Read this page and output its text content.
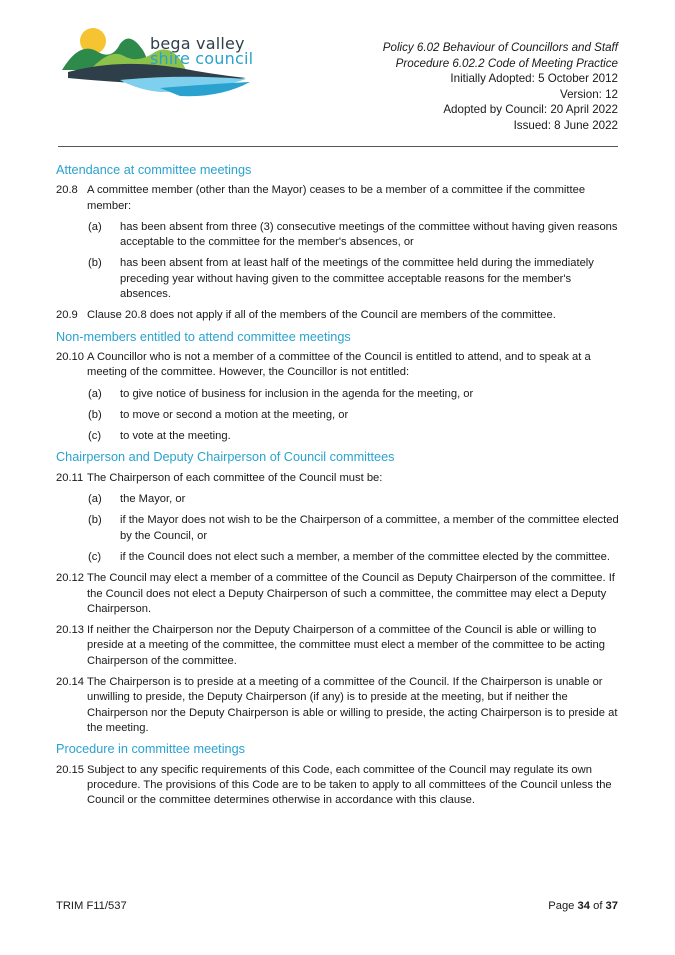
bega valley
shire council
Policy 6.02 Behaviour of Councillors and Staff
Procedure 6.02.2 Code of Meeting Practice
Initially Adopted: 5 October 2012
Version: 12
Adopted by Council: 20 April 2022
Issued: 8 June 2022
Attendance at committee meetings
20.8 A committee member (other than the Mayor) ceases to be a member of a committee if the committee member:
(a)	has been absent from three (3) consecutive meetings of the committee without having given reasons acceptable to the committee for the member's absences, or
(b)	has been absent from at least half of the meetings of the committee held during the immediately preceding year without having given to the committee acceptable reasons for the member's absences.
20.9 Clause 20.8 does not apply if all of the members of the Council are members of the committee.
Non-members entitled to attend committee meetings
20.10 A Councillor who is not a member of a committee of the Council is entitled to attend, and to speak at a meeting of the committee. However, the Councillor is not entitled:
(a)	to give notice of business for inclusion in the agenda for the meeting, or
(b)	to move or second a motion at the meeting, or
(c)	to vote at the meeting.
Chairperson and Deputy Chairperson of Council committees
20.11 The Chairperson of each committee of the Council must be:
(a)	the Mayor, or
(b)	if the Mayor does not wish to be the Chairperson of a committee, a member of the committee elected by the Council, or
(c)	if the Council does not elect such a member, a member of the committee elected by the committee.
20.12 The Council may elect a member of a committee of the Council as Deputy Chairperson of the committee. If the Council does not elect a Deputy Chairperson of such a committee, the committee may elect a Deputy Chairperson.
20.13 If neither the Chairperson nor the Deputy Chairperson of a committee of the Council is able or willing to preside at a meeting of the committee, the committee must elect a member of the committee to be acting Chairperson of the committee.
20.14 The Chairperson is to preside at a meeting of a committee of the Council. If the Chairperson is unable or unwilling to preside, the Deputy Chairperson (if any) is to preside at the meeting, but if neither the Chairperson nor the Deputy Chairperson is able or willing to preside, the acting Chairperson is to preside at the meeting.
Procedure in committee meetings
20.15 Subject to any specific requirements of this Code, each committee of the Council may regulate its own procedure. The provisions of this Code are to be taken to apply to all committees of the Council unless the Council or the committee determines otherwise in accordance with this clause.
TRIM F11/537	Page 34 of 37
